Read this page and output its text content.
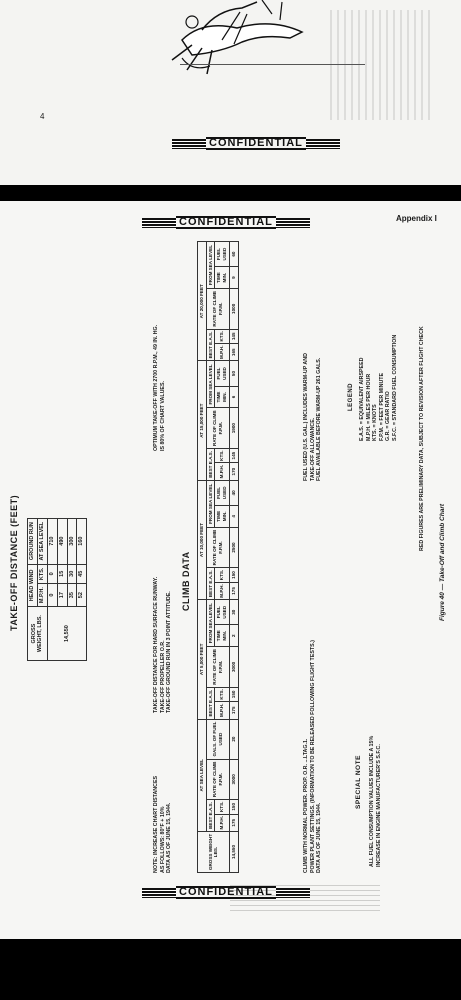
CONFIDENTIAL
4
Appendix I
CONFIDENTIAL
TAKE-OFF DISTANCE (FEET)
GROSS
WEIGHT, LBS.	HEAD WIND		GROUND RUN
	M.P.H.	KTS.	AT SEA LEVEL
14,550	0	0	710
	17	15	490
	35	30	300
	52	45	160
NOTE: INCREASE CHART DISTANCES AS FOLLOWS: 80°F + 10% DATA AS OF JUNE 15, 1944.
TAKE-OFF DISTANCE FOR HARD SURFACE RUNWAY. TAKE-OFF PROPELLER O.R. TAKE-OFF GROUND RUN IN 3 POINT ATTITUDE.
OPTIMUM TAKE-OFF WITH 2700 R.P.M., 49 IN. HG. IS 80% OF CHART VALUES.
CLIMB DATA
GROSS WEIGHT LBS.	AT SEA LEVEL				AT 5,000 FEET					AT 10,000 FEET					AT 15,000 FEET					AT 20,000 FEET				
	BEST E.A.S.		RATE OF CLIMB F.P.M.	GALS. OF FUEL USED	BEST E.A.S.		RATE OF CLIMB F.P.M.	FROM SEA LEVEL		BEST E.A.S.		RATE OF CLIMB F.P.M.	FROM SEA LEVEL		BEST E.A.S.		RATE OF CLIMB F.P.M.	FROM SEA LEVEL		BEST E.A.S.		RATE OF CLIMB F.P.M.	FROM SEA LEVEL	
	M.P.H.	KTS.			M.P.H.	KTS.		TIME MIN.	FUEL USED	M.P.H.	KTS.		TIME MIN.	FUEL USED	M.P.H.	KTS.		TIME MIN.	FUEL USED	M.P.H.	KTS.		TIME MIN.	FUEL USED
14,550	175	150	3000	20	175	150	3000	2	30	175	150	2500	4	40	170	145	1900	6	50	165	145	1000	9	60
CLIMB WITH NORMAL POWER. PROP. O.R. ...LTAG.1. POWER PLANT SETTINGS. (INFORMATION TO BE RELEASED FOLLOWING FLIGHT TESTS.) DATA AS OF JUNE 15, 1944.
FUEL USED (U.S. GAL.) INCLUDES WARM-UP AND TAKE-OFF ALLOWANCE. FUEL AVAILABLE BEFORE WARM-UP 261 GALS.
SPECIAL NOTE ALL FUEL CONSUMPTION VALUES INCLUDE A 15% INCREASE IN ENGINE MANUFACTURER'S S.F.C.
LEGEND E.A.S. = EQUIVALENT AIRSPEED M.P.H. = MILES PER HOUR KTS. = KNOTS F.P.M. = FEET PER MINUTE G.R. = GEAR RATIO S.F.C. = STANDARD FUEL CONSUMPTION	RED FIGURES ARE PRELIMINARY DATA, SUBJECT TO REVISION AFTER FLIGHT CHECK
Figure 40 — Take-Off and Climb Chart
CONFIDENTIAL
